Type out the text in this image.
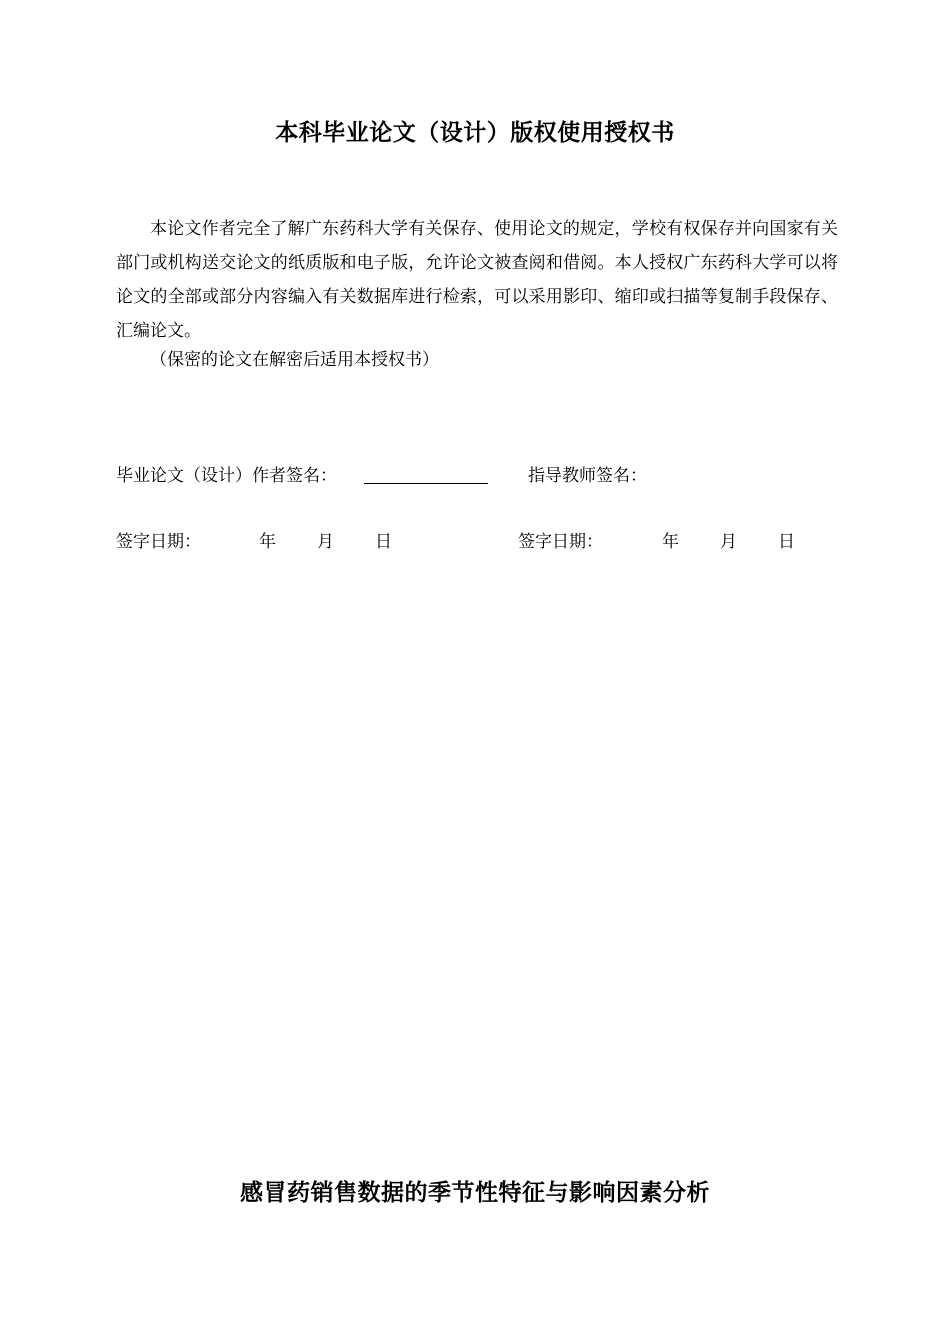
本科毕业论文（设计）版权使用授权书

本论文作者完全了解广东药科大学有关保存、使用论文的规定，学校有权保存并向国家有关部门或机构送交论文的纸质版和电子版，允许论文被查阅和借阅。本人授权广东药科大学可以将论文的全部或部分内容编入有关数据库进行检索，可以采用影印、缩印或扫描等复制手段保存、汇编论文。

（保密的论文在解密后适用本授权书）
毕业论文（设计）作者签名：	指导教师签名：
签字日期：	年 月 日	签字日期：	年 月 日
感冒药销售数据的季节性特征与影响因素分析
